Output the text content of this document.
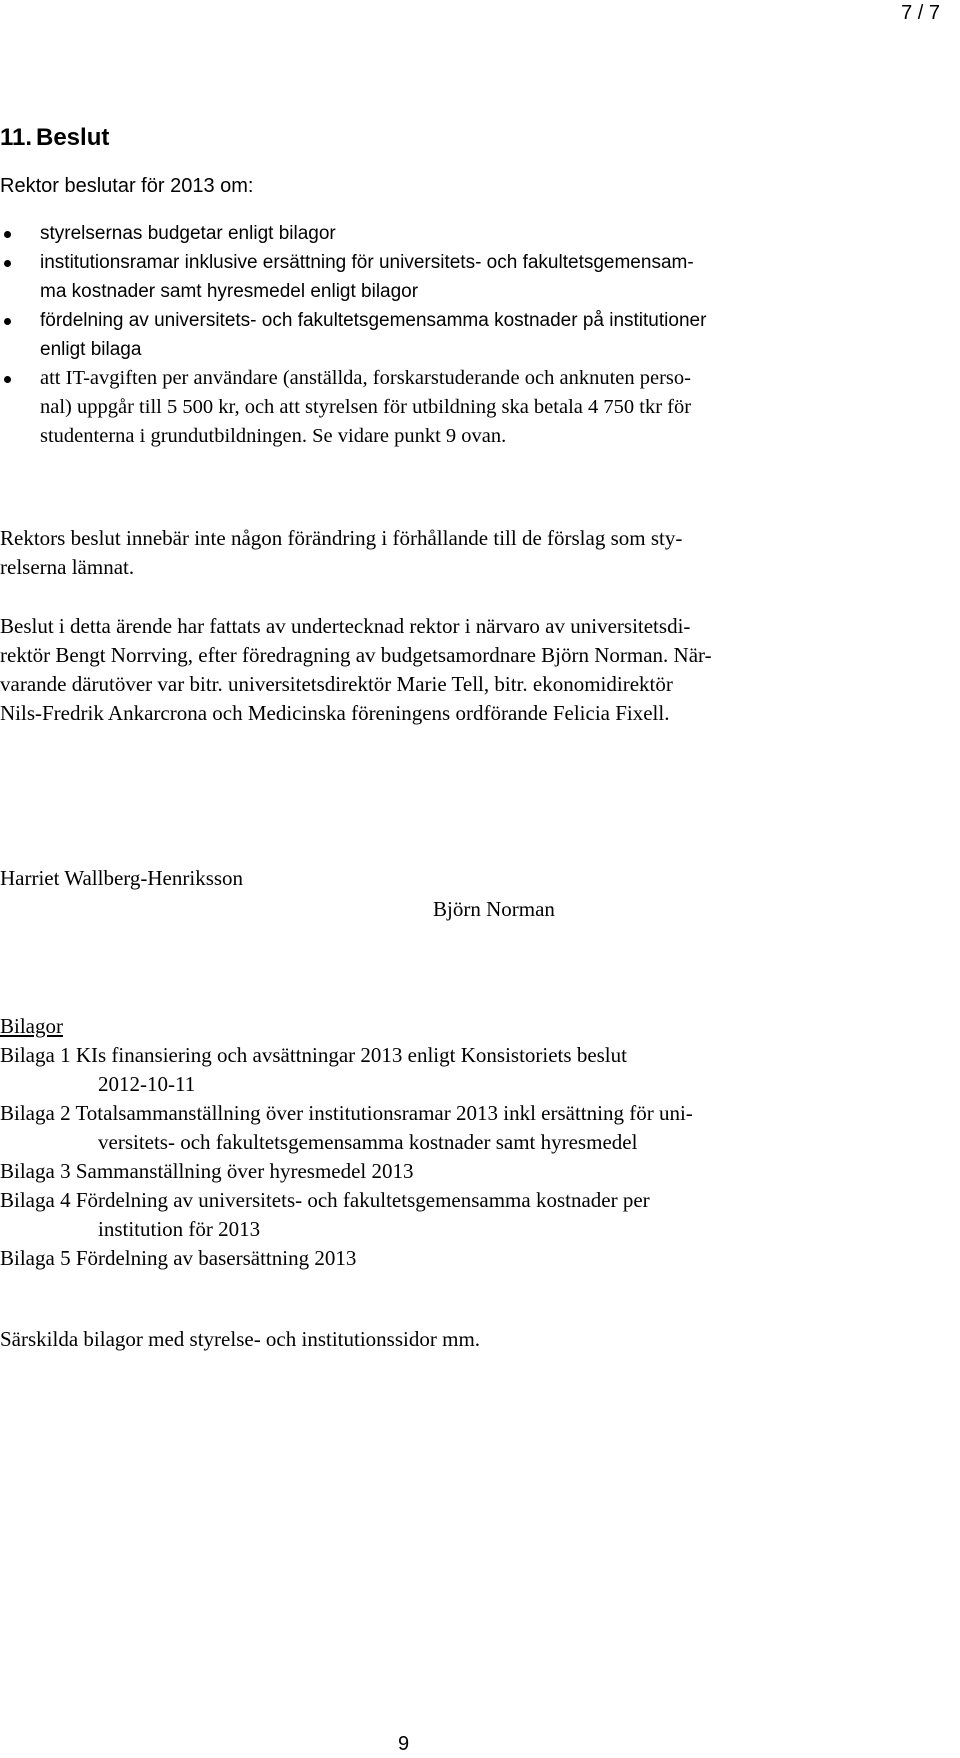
7 / 7
11. Beslut

Rektor beslutar för 2013 om:

styrelsernas budgetar enligt bilagor
institutionsramar inklusive ersättning för universitets- och fakultetsgemensam-
ma kostnader samt hyresmedel enligt bilagor
fördelning av universitets- och fakultetsgemensamma kostnader på institutioner
enligt bilaga
att IT-avgiften per användare (anställda, forskarstuderande och anknuten perso-
nal) uppgår till 5 500 kr, och att styrelsen för utbildning ska betala 4 750 tkr för
studenterna i grundutbildningen. Se vidare punkt 9 ovan.
Rektors beslut innebär inte någon förändring i förhållande till de förslag som sty-
relserna lämnat.
Beslut i detta ärende har fattats av undertecknad rektor i närvaro av universitetsdi-
rektör Bengt Norrving, efter föredragning av budgetsamordnare Björn Norman. När-
varande därutöver var bitr. universitetsdirektör Marie Tell, bitr. ekonomidirektör
Nils-Fredrik Ankarcrona och Medicinska föreningens ordförande Felicia Fixell.
Harriet Wallberg-Henriksson
Björn Norman
Bilagor
Bilaga 1 KIs finansiering och avsättningar 2013 enligt Konsistoriets beslut
2012-10-11
Bilaga 2 Totalsammanställning över institutionsramar 2013 inkl ersättning för uni-
versitets- och fakultetsgemensamma kostnader samt hyresmedel
Bilaga 3 Sammanställning över hyresmedel 2013
Bilaga 4 Fördelning av universitets- och fakultetsgemensamma kostnader per
institution för 2013
Bilaga 5 Fördelning av basersättning 2013

Särskilda bilagor med styrelse- och institutionssidor mm.

9
